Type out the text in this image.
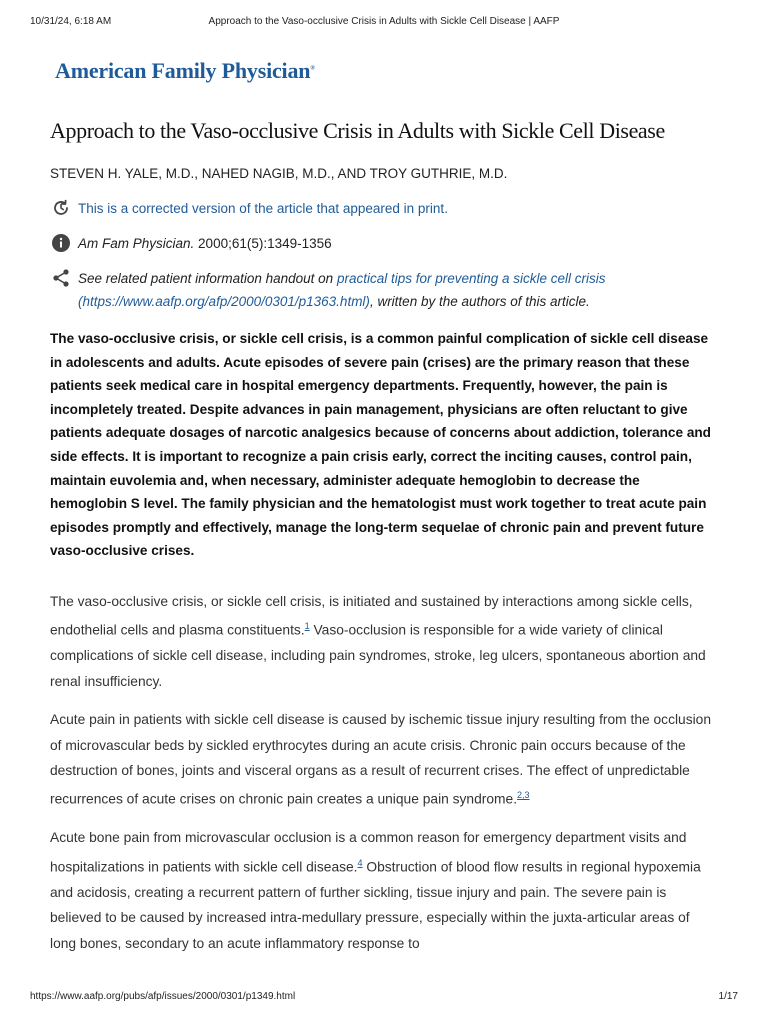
10/31/24, 6:18 AM	Approach to the Vaso-occlusive Crisis in Adults with Sickle Cell Disease | AAFP
American Family Physician®
Approach to the Vaso-occlusive Crisis in Adults with Sickle Cell Disease
STEVEN H. YALE, M.D., NAHED NAGIB, M.D., AND TROY GUTHRIE, M.D.
This is a corrected version of the article that appeared in print.
Am Fam Physician. 2000;61(5):1349-1356
See related patient information handout on practical tips for preventing a sickle cell crisis (https://www.aafp.org/afp/2000/0301/p1363.html), written by the authors of this article.

The vaso-occlusive crisis, or sickle cell crisis, is a common painful complication of sickle cell disease in adolescents and adults. Acute episodes of severe pain (crises) are the primary reason that these patients seek medical care in hospital emergency departments. Frequently, however, the pain is incompletely treated. Despite advances in pain management, physicians are often reluctant to give patients adequate dosages of narcotic analgesics because of concerns about addiction, tolerance and side effects. It is important to recognize a pain crisis early, correct the inciting causes, control pain, maintain euvolemia and, when necessary, administer adequate hemoglobin to decrease the hemoglobin S level. The family physician and the hematologist must work together to treat acute pain episodes promptly and effectively, manage the long-term sequelae of chronic pain and prevent future vaso-occlusive crises.

The vaso-occlusive crisis, or sickle cell crisis, is initiated and sustained by interactions among sickle cells, endothelial cells and plasma constituents.$^1$ Vaso-occlusion is responsible for a wide variety of clinical complications of sickle cell disease, including pain syndromes, stroke, leg ulcers, spontaneous abortion and renal insufficiency.

Acute pain in patients with sickle cell disease is caused by ischemic tissue injury resulting from the occlusion of microvascular beds by sickled erythrocytes during an acute crisis. Chronic pain occurs because of the destruction of bones, joints and visceral organs as a result of recurrent crises. The effect of unpredictable recurrences of acute crises on chronic pain creates a unique pain syndrome.$^{2,3}$

Acute bone pain from microvascular occlusion is a common reason for emergency department visits and hospitalizations in patients with sickle cell disease.$^4$ Obstruction of blood flow results in regional hypoxemia and acidosis, creating a recurrent pattern of further sickling, tissue injury and pain. The severe pain is believed to be caused by increased intra-medullary pressure, especially within the juxta-articular areas of long bones, secondary to an acute inflammatory response to

https://www.aafp.org/pubs/afp/issues/2000/0301/p1349.html	1/17
